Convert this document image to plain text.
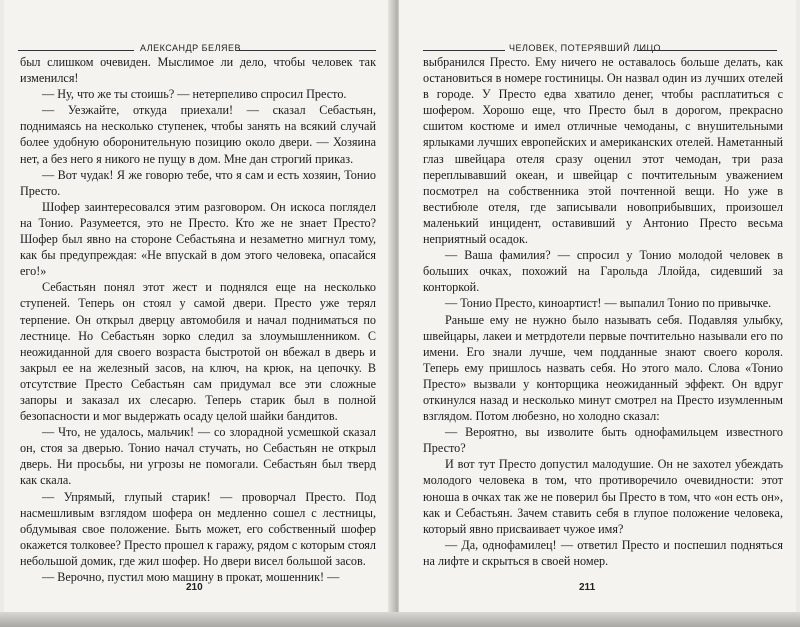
АЛЕКСАНДР БЕЛЯЕВ

был слишком очевиден. Мыслимое ли дело, чтобы человек так изменился!

— Ну, что же ты стоишь? — нетерпеливо спросил Престо.

— Уезжайте, откуда приехали! — сказал Себастьян, поднимаясь на несколько ступенек, чтобы занять на всякий случай более удобную оборонительную позицию около двери. — Хозяина нет, а без него я никого не пущу в дом. Мне дан строгий приказ.

— Вот чудак! Я же говорю тебе, что я сам и есть хозяин, Тонио Престо.

Шофер заинтересовался этим разговором. Он искоса поглядел на Тонио. Разумеется, это не Престо. Кто же не знает Престо? Шофер был явно на стороне Себастьяна и незаметно мигнул тому, как бы предупреждая: «Не впускай в дом этого человека, опасайся его!»

Себастьян понял этот жест и поднялся еще на несколько ступеней. Теперь он стоял у самой двери. Престо уже терял терпение. Он открыл дверцу автомобиля и начал подниматься по лестнице. Но Себастьян зорко следил за злоумышленником. С неожиданной для своего возраста быстротой он вбежал в дверь и закрыл ее на железный засов, на ключ, на крюк, на цепочку. В отсутствие Престо Себастьян сам придумал все эти сложные запоры и заказал их слесарю. Теперь старик был в полной безопасности и мог выдержать осаду целой шайки бандитов.

— Что, не удалось, мальчик! — со злорадной усмешкой сказал он, стоя за дверью. Тонио начал стучать, но Себастьян не открыл дверь. Ни просьбы, ни угрозы не помогали. Себастьян был тверд как скала.

— Упрямый, глупый старик! — проворчал Престо. Под насмешливым взглядом шофера он медленно сошел с лестницы, обдумывая свое положение. Быть может, его собственный шофер окажется толковее? Престо прошел к гаражу, рядом с которым стоял небольшой домик, где жил шофер. Но двери висел большой засов.

— Верочно, пустил мою машину в прокат, мошенник! —

210
ЧЕЛОВЕК, ПОТЕРЯВШИЙ ЛИЦО

выбранился Престо. Ему ничего не оставалось больше делать, как остановиться в номере гостиницы. Он назвал один из лучших отелей в городе. У Престо едва хватило денег, чтобы расплатиться с шофером. Хорошо еще, что Престо был в дорогом, прекрасно сшитом костюме и имел отличные чемоданы, с внушительными ярлыками лучших европейских и американских отелей. Наметанный глаз швейцара отеля сразу оценил этот чемодан, три раза переплывавший океан, и швейцар с почтительным уважением посмотрел на собственника этой почтенной вещи. Но уже в вестибюле отеля, где записывали новоприбывших, произошел маленький инцидент, оставивший у Антонио Престо весьма неприятный осадок.

— Ваша фамилия? — спросил у Тонио молодой человек в больших очках, похожий на Гарольда Ллойда, сидевший за конторкой.

— Тонио Престо, киноартист! — выпалил Тонио по привычке.

Раньше ему не нужно было называть себя. Подавляя улыбку, швейцары, лакеи и метрдотели первые почтительно называли его по имени. Его знали лучше, чем подданные знают своего короля. Теперь ему пришлось назвать себя. Но этого мало. Слова «Тонио Престо» вызвали у конторщика неожиданный эффект. Он вдруг откинулся назад и несколько минут смотрел на Престо изумленным взглядом. Потом любезно, но холодно сказал:

— Вероятно, вы изволите быть однофамильцем известного Престо?

И вот тут Престо допустил малодушие. Он не захотел убеждать молодого человека в том, что противоречило очевидности: этот юноша в очках так же не поверил бы Престо в том, что «он есть он», как и Себастьян. Зачем ставить себя в глупое положение человека, который явно присваивает чужое имя?

— Да, однофамилец! — ответил Престо и поспешил подняться на лифте и скрыться в своей номер.

211
